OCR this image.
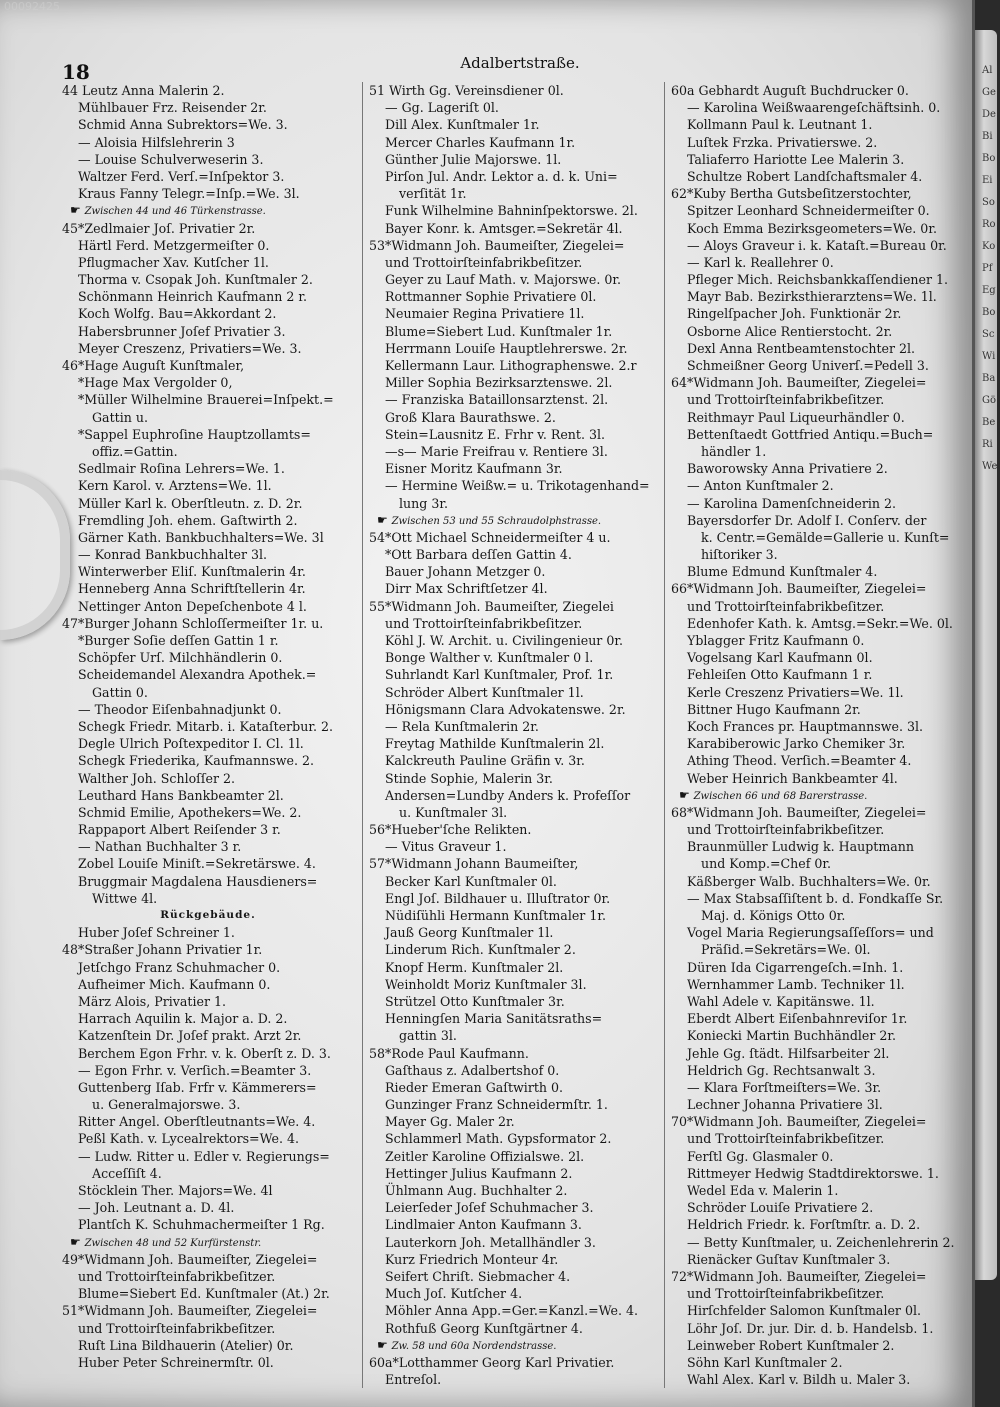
18	Adalbertstraße.
44 Leutz Anna Malerin 2.
Mühlbauer Frz. Reisender 2r.
Schmid Anna Subrektors=We. 3.
— Aloisia Hilfslehrerin 3
— Louise Schulverweserin 3.
Waltzer Ferd. Verſ.=Inſpektor 3.
Kraus Fanny Telegr.=Inſp.=We. 3l.
☛ Zwischen 44 und 46 Türkenstrasse.
45*Zedlmaier Joſ. Privatier 2r.
Härtl Ferd. Metzgermeiſter 0.
Pflugmacher Xav. Kutſcher 1l.
Thorma v. Csopak Joh. Kunſtmaler 2.
Schönmann Heinrich Kaufmann 2 r.
Koch Wolfg. Bau=Akkordant 2.
Habersbrunner Joſef Privatier 3.
Meyer Creszenz, Privatiers=We. 3.
46*Hage Auguſt Kunſtmaler,
*Hage Max Vergolder 0,
*Müller Wilhelmine Brauerei=Inſpekt.=
Gattin u.
*Sappel Euphroſine Hauptzollamts=
offiz.=Gattin.
Sedlmair Roſina Lehrers=We. 1.
Kern Karol. v. Arztens=We. 1l.
Müller Karl k. Oberſtleutn. z. D. 2r.
Fremdling Joh. ehem. Gaſtwirth 2.
Gärner Kath. Bankbuchhalters=We. 3l
— Konrad Bankbuchhalter 3l.
Winterwerber Eliſ. Kunſtmalerin 4r.
Henneberg Anna Schriftſtellerin 4r.
Nettinger Anton Depeſchenbote 4 l.
47*Burger Johann Schloſſermeiſter 1r. u.
*Burger Soſie deſſen Gattin 1 r.
Schöpfer Urſ. Milchhändlerin 0.
Scheidemandel Alexandra Apothek.=
Gattin 0.
— Theodor Eiſenbahnadjunkt 0.
Schegk Friedr. Mitarb. i. Kataſterbur. 2.
Degle Ulrich Poſtexpeditor I. Cl. 1l.
Schegk Friederika, Kaufmannswe. 2.
Walther Joh. Schloſſer 2.
Leuthard Hans Bankbeamter 2l.
Schmid Emilie, Apothekers=We. 2.
Rappaport Albert Reiſender 3 r.
— Nathan Buchhalter 3 r.
Zobel Louiſe Miniſt.=Sekretärswe. 4.
Bruggmair Magdalena Hausdieners=
Wittwe 4l.
Rückgebäude.
Huber Joſef Schreiner 1.
48*Straßer Johann Privatier 1r.
Jetſchgo Franz Schuhmacher 0.
Aufheimer Mich. Kaufmann 0.
März Alois, Privatier 1.
Harrach Aquilin k. Major a. D. 2.
Katzenſtein Dr. Joſef prakt. Arzt 2r.
Berchem Egon Frhr. v. k. Oberſt z. D. 3.
— Egon Frhr. v. Verſich.=Beamter 3.
Guttenberg Iſab. Frfr v. Kämmerers=
u. Generalmajorswe. 3.
Ritter Angel. Oberſtleutnants=We. 4.
Peßl Kath. v. Lycealrektors=We. 4.
— Ludw. Ritter u. Edler v. Regierungs=
Acceſſiſt 4.
Stöcklein Ther. Majors=We. 4l
— Joh. Leutnant a. D. 4l.
Plantſch K. Schuhmachermeiſter 1 Rg.
☛ Zwischen 48 und 52 Kurfürstenstr.
49*Widmann Joh. Baumeiſter, Ziegelei=
und Trottoirſteinfabrikbeſitzer.
Blume=Siebert Ed. Kunſtmaler (At.) 2r.
51*Widmann Joh. Baumeiſter, Ziegelei=
und Trottoirſteinfabrikbeſitzer.
Ruſt Lina Bildhauerin (Atelier) 0r.
Huber Peter Schreinermſtr. 0l.
51 Wirth Gg. Vereinsdiener 0l.
— Gg. Lageriſt 0l.
Dill Alex. Kunſtmaler 1r.
Mercer Charles Kaufmann 1r.
Günther Julie Majorswe. 1l.
Pirſon Jul. Andr. Lektor a. d. k. Uni=
verſität 1r.
Funk Wilhelmine Bahninſpektorswe. 2l.
Bayer Konr. k. Amtsger.=Sekretär 4l.
53*Widmann Joh. Baumeiſter, Ziegelei=
und Trottoirſteinfabrikbeſitzer.
Geyer zu Lauf Math. v. Majorswe. 0r.
Rottmanner Sophie Privatiere 0l.
Neumaier Regina Privatiere 1l.
Blume=Siebert Lud. Kunſtmaler 1r.
Herrmann Louiſe Hauptlehrerswe. 2r.
Kellermann Laur. Lithographenswe. 2.r
Miller Sophia Bezirksarztenswe. 2l.
— Franziska Bataillonsarztenst. 2l.
Groß Klara Baurathswe. 2.
Stein=Lausnitz E. Frhr v. Rent. 3l.
—s— Marie Freifrau v. Rentiere 3l.
Eisner Moritz Kaufmann 3r.
— Hermine Weißw.= u. Trikotagenhand=
lung 3r.
☛ Zwischen 53 und 55 Schraudolphstrasse.
54*Ott Michael Schneidermeiſter 4 u.
*Ott Barbara deſſen Gattin 4.
Bauer Johann Metzger 0.
Dirr Max Schriftſetzer 4l.
55*Widmann Joh. Baumeiſter, Ziegelei
und Trottoirſteinfabrikbeſitzer.
Köhl J. W. Archit. u. Civilingenieur 0r.
Bonge Walther v. Kunſtmaler 0 l.
Suhrlandt Karl Kunſtmaler, Prof. 1r.
Schröder Albert Kunſtmaler 1l.
Hönigsmann Clara Advokatenswe. 2r.
— Rela Kunſtmalerin 2r.
Freytag Mathilde Kunſtmalerin 2l.
Kalckreuth Pauline Gräfin v. 3r.
Stinde Sophie, Malerin 3r.
Andersen=Lundby Anders k. Profeſſor
u. Kunſtmaler 3l.
56*Hueber'ſche Relikten.
— Vitus Graveur 1.
57*Widmann Johann Baumeiſter,
Becker Karl Kunſtmaler 0l.
Engl Joſ. Bildhauer u. Illuſtrator 0r.
Nüdiſühli Hermann Kunſtmaler 1r.
Jauß Georg Kunſtmaler 1l.
Linderum Rich. Kunſtmaler 2.
Knopf Herm. Kunſtmaler 2l.
Weinholdt Moriz Kunſtmaler 3l.
Strützel Otto Kunſtmaler 3r.
Henningſen Maria Sanitätsraths=
gattin 3l.
58*Rode Paul Kaufmann.
Gaſthaus z. Adalbertshof 0.
Rieder Emeran Gaſtwirth 0.
Gunzinger Franz Schneidermſtr. 1.
Mayer Gg. Maler 2r.
Schlammerl Math. Gypsformator 2.
Zeitler Karoline Offizialswe. 2l.
Hettinger Julius Kaufmann 2.
Ühlmann Aug. Buchhalter 2.
Leierſeder Joſef Schuhmacher 3.
Lindlmaier Anton Kaufmann 3.
Lauterkorn Joh. Metallhändler 3.
Kurz Friedrich Monteur 4r.
Seifert Chriſt. Siebmacher 4.
Much Joſ. Kutſcher 4.
Möhler Anna App.=Ger.=Kanzl.=We. 4.
Rothfuß Georg Kunſtgärtner 4.
☛ Zw. 58 und 60a Nordendstrasse.
60a*Lotthammer Georg Karl Privatier.
Entreſol.
60a Gebhardt Auguſt Buchdrucker 0.
— Karolina Weißwaarengeſchäftsinh. 0.
Kollmann Paul k. Leutnant 1.
Luſtek Frzka. Privatierswe. 2.
Taliaferro Hariotte Lee Malerin 3.
Schultze Robert Landſchaftsmaler 4.
62*Kuby Bertha Gutsbeſitzerstochter,
Spitzer Leonhard Schneidermeiſter 0.
Koch Emma Bezirksgeometers=We. 0r.
— Aloys Graveur i. k. Kataſt.=Bureau 0r.
— Karl k. Reallehrer 0.
Pfleger Mich. Reichsbankkaſſendiener 1.
Mayr Bab. Bezirksthierarztens=We. 1l.
Ringelſpacher Joh. Funktionär 2r.
Osborne Alice Rentierstocht. 2r.
Dexl Anna Rentbeamtenstochter 2l.
Schmeißner Georg Univerſ.=Pedell 3.
64*Widmann Joh. Baumeiſter, Ziegelei=
und Trottoirſteinfabrikbeſitzer.
Reithmayr Paul Liqueurhändler 0.
Bettenſtaedt Gottfried Antiqu.=Buch=
händler 1.
Baworowsky Anna Privatiere 2.
— Anton Kunſtmaler 2.
— Karolina Damenſchneiderin 2.
Bayersdorfer Dr. Adolf I. Conſerv. der
k. Centr.=Gemälde=Gallerie u. Kunſt=
hiſtoriker 3.
Blume Edmund Kunſtmaler 4.
66*Widmann Joh. Baumeiſter, Ziegelei=
und Trottoirſteinfabrikbeſitzer.
Edenhofer Kath. k. Amtsg.=Sekr.=We. 0l.
Yblagger Fritz Kaufmann 0.
Vogelsang Karl Kaufmann 0l.
Fehleiſen Otto Kaufmann 1 r.
Kerle Creszenz Privatiers=We. 1l.
Bittner Hugo Kaufmann 2r.
Koch Frances pr. Hauptmannswe. 3l.
Karabiberowic Jarko Chemiker 3r.
Athing Theod. Verſich.=Beamter 4.
Weber Heinrich Bankbeamter 4l.
☛ Zwischen 66 und 68 Barerstrasse.
68*Widmann Joh. Baumeiſter, Ziegelei=
und Trottoirſteinfabrikbeſitzer.
Braunmüller Ludwig k. Hauptmann
und Komp.=Chef 0r.
Käßberger Walb. Buchhalters=We. 0r.
— Max Stabsaſſiſtent b. d. Fondkaſſe Sr.
Maj. d. Königs Otto 0r.
Vogel Maria Regierungsaſſeſſors= und
Präſid.=Sekretärs=We. 0l.
Düren Ida Cigarrengeſch.=Inh. 1.
Wernhammer Lamb. Techniker 1l.
Wahl Adele v. Kapitänswe. 1l.
Eberdt Albert Eiſenbahnreviſor 1r.
Koniecki Martin Buchhändler 2r.
Jehle Gg. ſtädt. Hilfsarbeiter 2l.
Heldrich Gg. Rechtsanwalt 3.
— Klara Forſtmeiſters=We. 3r.
Lechner Johanna Privatiere 3l.
70*Widmann Joh. Baumeiſter, Ziegelei=
und Trottoirſteinfabrikbeſitzer.
Ferſtl Gg. Glasmaler 0.
Rittmeyer Hedwig Stadtdirektorswe. 1.
Wedel Eda v. Malerin 1.
Schröder Louiſe Privatiere 2.
Heldrich Friedr. k. Forſtmſtr. a. D. 2.
— Betty Kunſtmaler, u. Zeichenlehrerin 2.
Rienäcker Guſtav Kunſtmaler 3.
72*Widmann Joh. Baumeiſter, Ziegelei=
und Trottoirſteinfabrikbeſitzer.
Hirſchfelder Salomon Kunſtmaler 0l.
Löhr Joſ. Dr. jur. Dir. d. b. Handelsb. 1.
Leinweber Robert Kunſtmaler 2.
Söhn Karl Kunſtmaler 2.
Wahl Alex. Karl v. Bildh u. Maler 3.
Al
Ge
De
Bi
Bo
Ei
So
Ro
Ko
Pf
Eg
Bo
Sc
Wi
Ba
Gö
Be
Ri
We
00092425
